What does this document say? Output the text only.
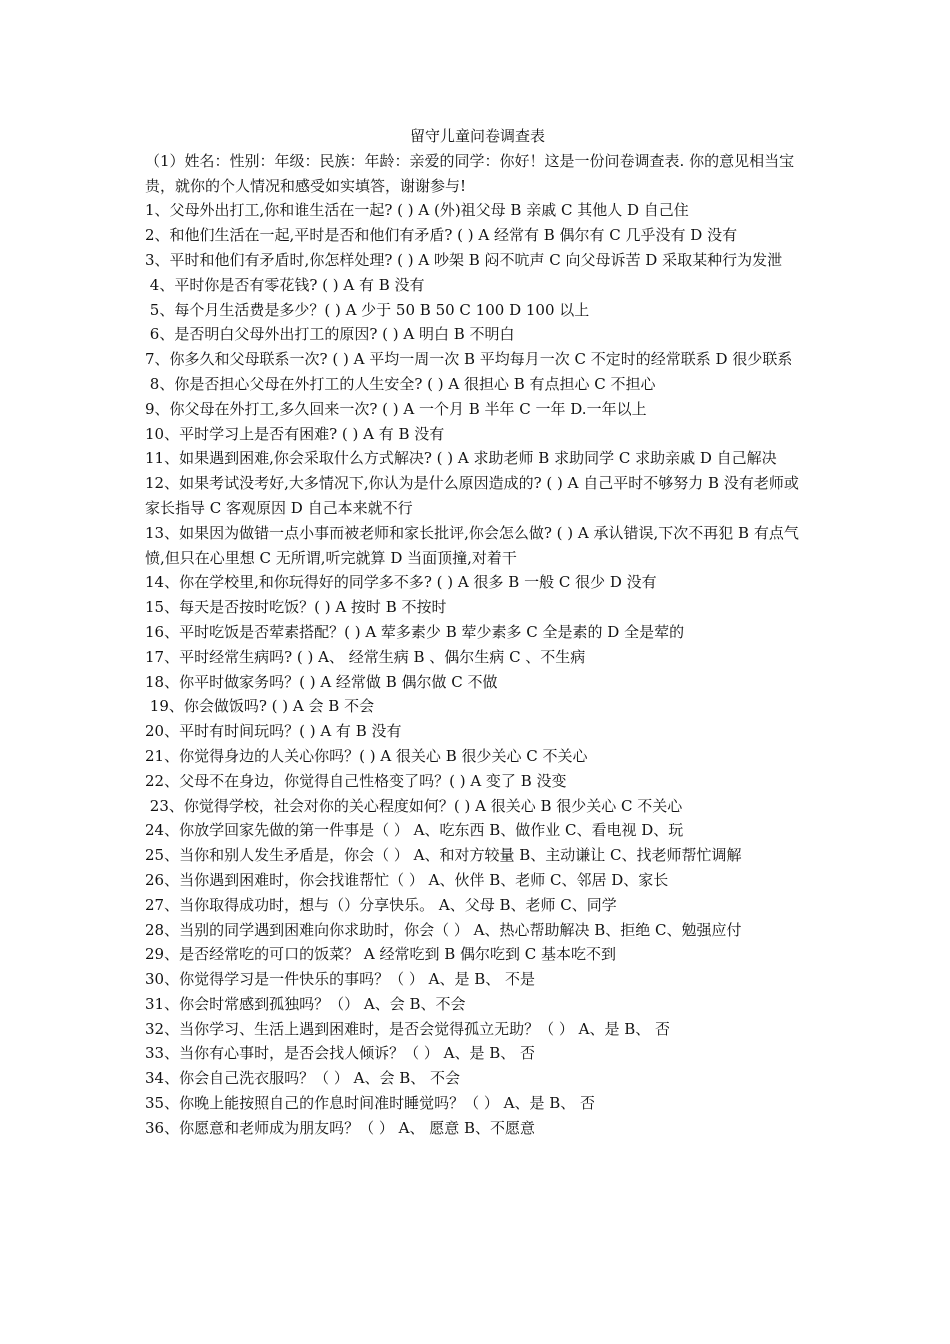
留守儿童问卷调查表

（1）姓名：性别：年级：民族：年龄：亲爱的同学：你好！这是一份问卷调查表. 你的意见相当宝贵，就你的个人情况和感受如实填答，谢谢参与!

1、父母外出打工,你和谁生活在一起? ( ) A (外)祖父母 B 亲戚 C 其他人 D 自己住

2、和他们生活在一起,平时是否和他们有矛盾? ( ) A 经常有 B 偶尔有 C 几乎没有 D 没有

3、平时和他们有矛盾时,你怎样处理? ( ) A 吵架 B 闷不吭声 C 向父母诉苦 D 采取某种行为发泄

4、平时你是否有零花钱? ( ) A 有 B 没有

5、每个月生活费是多少？( ) A 少于 50 B 50 C 100 D 100 以上

6、是否明白父母外出打工的原因? ( ) A 明白 B 不明白

7、你多久和父母联系一次? ( ) A 平均一周一次 B 平均每月一次 C 不定时的经常联系 D 很少联系

8、你是否担心父母在外打工的人生安全? ( ) A 很担心 B 有点担心 C 不担心

9、你父母在外打工,多久回来一次? ( ) A 一个月 B 半年 C 一年 D.一年以上

10、平时学习上是否有困难? ( ) A 有 B 没有

11、如果遇到困难,你会采取什么方式解决? ( ) A 求助老师 B 求助同学 C 求助亲戚 D 自己解决

12、如果考试没考好,大多情况下,你认为是什么原因造成的? ( ) A 自己平时不够努力 B 没有老师或家长指导 C 客观原因 D 自己本来就不行

13、如果因为做错一点小事而被老师和家长批评,你会怎么做? ( ) A 承认错误,下次不再犯 B 有点气愤,但只在心里想 C 无所谓,听完就算 D 当面顶撞,对着干

14、你在学校里,和你玩得好的同学多不多? ( ) A 很多 B 一般 C 很少 D 没有

15、每天是否按时吃饭？( ) A 按时 B 不按时

16、平时吃饭是否荤素搭配？( ) A 荤多素少 B 荤少素多 C 全是素的 D 全是荤的

17、平时经常生病吗? ( ) A、 经常生病 B 、偶尔生病 C 、不生病

18、你平时做家务吗？( ) A 经常做 B 偶尔做 C 不做

19、你会做饭吗? ( ) A 会 B 不会

20、平时有时间玩吗？( ) A 有 B 没有

21、你觉得身边的人关心你吗？( ) A 很关心 B 很少关心 C 不关心

22、父母不在身边，你觉得自己性格变了吗？( ) A 变了 B 没变

23、你觉得学校，社会对你的关心程度如何？( ) A 很关心 B 很少关心 C 不关心

24、你放学回家先做的第一件事是（ ） A、吃东西 B、做作业 C、看电视 D、玩

25、当你和别人发生矛盾是，你会（ ） A、和对方较量 B、主动谦让 C、找老师帮忙调解

26、当你遇到困难时，你会找谁帮忙（ ） A、伙伴 B、老师 C、邻居 D、家长

27、当你取得成功时，想与（）分享快乐。 A、父母 B、老师 C、同学

28、当别的同学遇到困难向你求助时，你会（ ） A、热心帮助解决 B、拒绝 C、勉强应付

29、是否经常吃的可口的饭菜？ A 经常吃到 B 偶尔吃到 C 基本吃不到

30、你觉得学习是一件快乐的事吗？（ ） A、是 B、 不是

31、你会时常感到孤独吗？（） A、会 B、不会

32、当你学习、生活上遇到困难时，是否会觉得孤立无助？（ ） A、是 B、 否

33、当你有心事时，是否会找人倾诉？（ ） A、是 B、 否

34、你会自己洗衣服吗？（ ） A、会 B、 不会

35、你晚上能按照自己的作息时间准时睡觉吗？（ ） A、是 B、 否

36、你愿意和老师成为朋友吗？（ ） A、 愿意 B、不愿意
